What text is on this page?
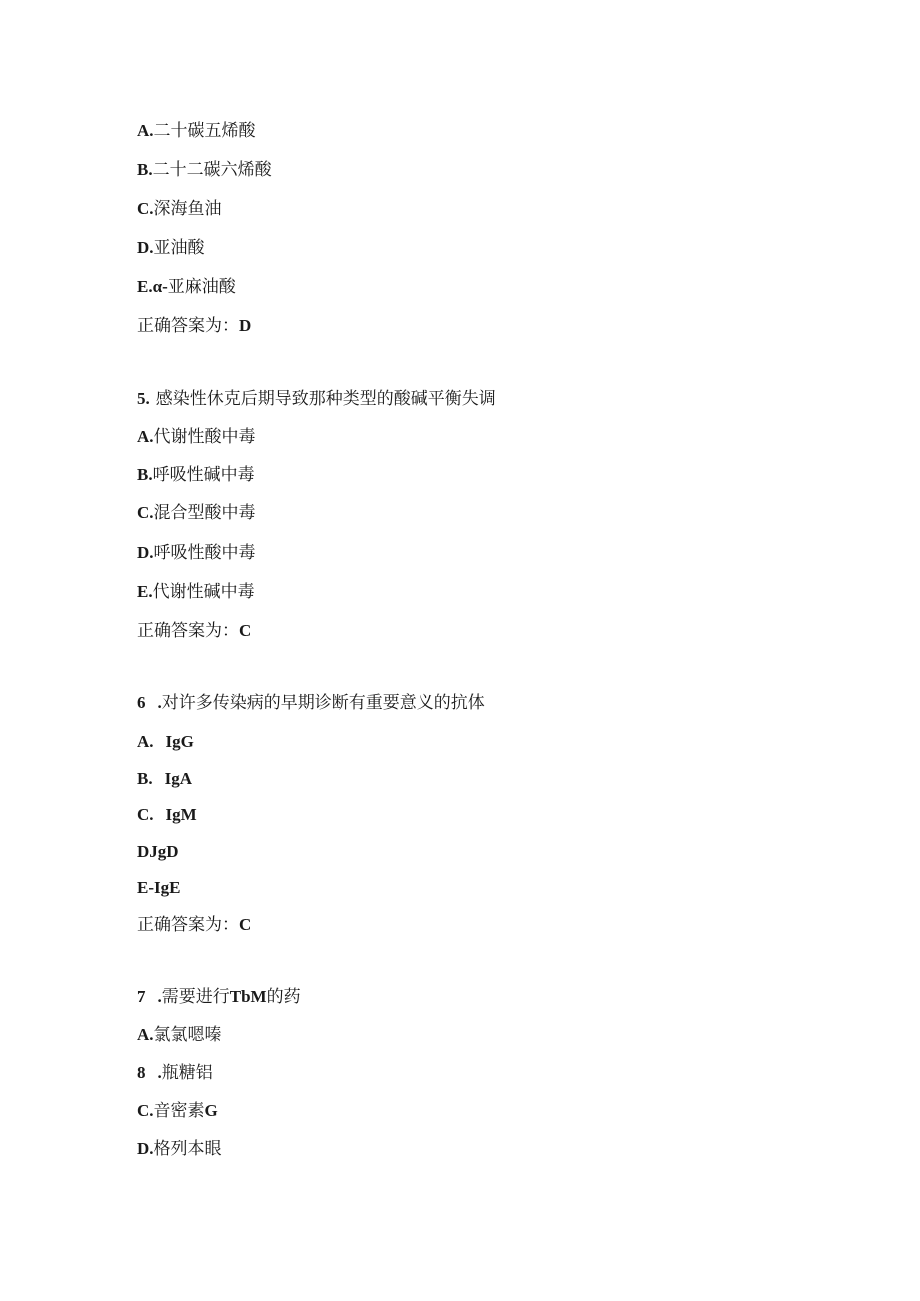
A.二十碳五烯酸
B.二十二碳六烯酸
C.深海鱼油
D.亚油酸
E.α-亚麻油酸
正确答案为：D
5. 感染性休克后期导致那种类型的酸碱平衡失调
A.代谢性酸中毒
B.呼吸性碱中毒
C.混合型酸中毒
D.呼吸性酸中毒
E.代谢性碱中毒
正确答案为：C
6 .对许多传染病的早期诊断有重要意义的抗体
A. IgG
B. IgA
C. IgM
DJgD
E-IgE
正确答案为：C
7 .需要进行TbM的药
A.氯氯嗯嗪
8 .瓶糖铝
C.音密素G
D.格列本眼
